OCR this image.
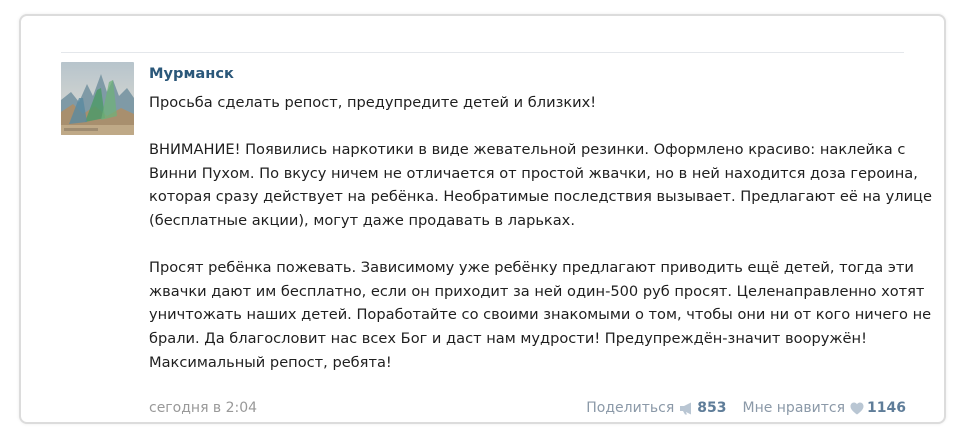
Мурманск

Просьба сделать репост, предупредите детей и близких!

ВНИМАНИЕ! Появились наркотики в виде жевательной резинки. Оформлено красиво: наклейка с Винни Пухом. По вкусу ничем не отличается от простой жвачки, но в ней находится доза героина, которая сразу действует на ребёнка. Необратимые последствия вызывает. Предлагают её на улице (бесплатные акции), могут даже продавать в ларьках.

Просят ребёнка пожевать. Зависимому уже ребёнку предлагают приводить ещё детей, тогда эти жвачки дают им бесплатно, если он приходит за ней один-500 руб просят. Целенаправленно хотят уничтожать наших детей. Поработайте со своими знакомыми о том, чтобы они ни от кого ничего не брали. Да благословит нас всех Бог и даст нам мудрости! Предупреждён-значит вооружён! Максимальный репост, ребята!

сегодня в 2:04	Поделиться 853 Мне нравится 1146
